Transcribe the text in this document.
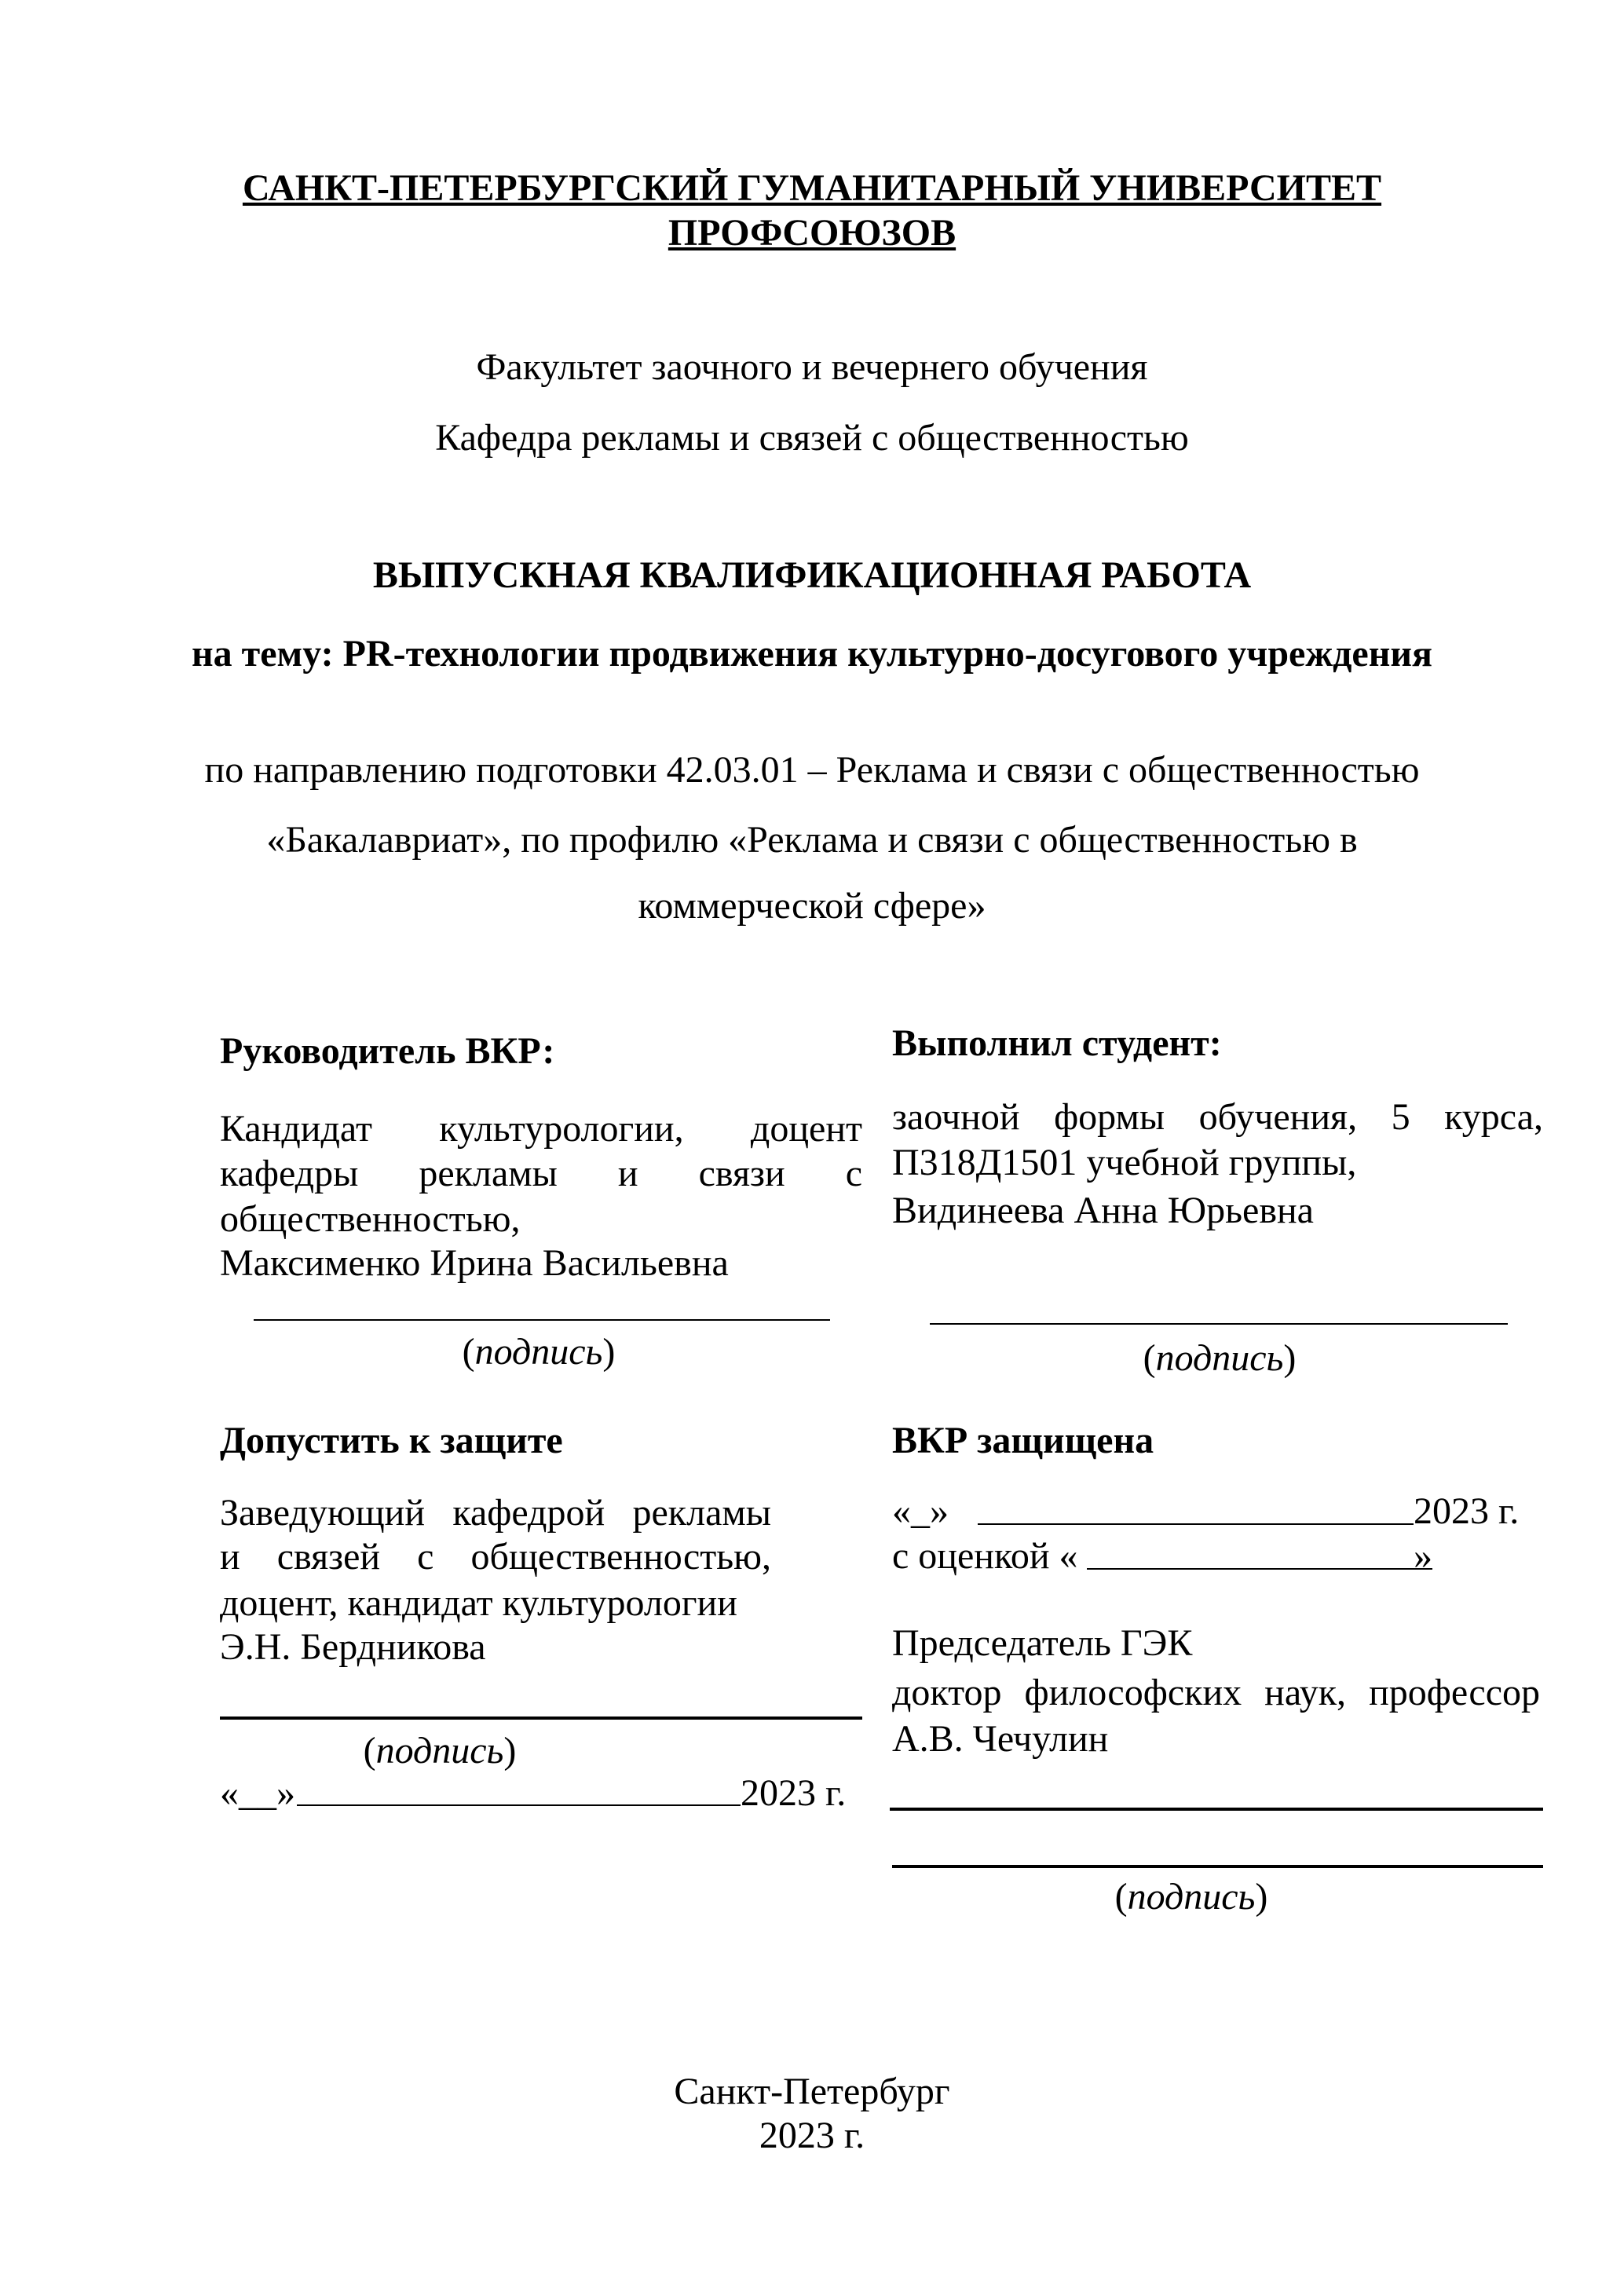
САНКТ-ПЕТЕРБУРГСКИЙ ГУМАНИТАРНЫЙ УНИВЕРСИТЕТ
ПРОФСОЮЗОВ
Факультет заочного и вечернего обучения
Кафедра рекламы и связей с общественностью
ВЫПУСКНАЯ КВАЛИФИКАЦИОННАЯ РАБОТА
на тему: PR-технологии продвижения культурно-досугового учреждения
по направлению подготовки 42.03.01 – Реклама и связи с общественностью
«Бакалавриат», по профилю «Реклама и связи с общественностью в
коммерческой сфере»
Руководитель ВКР:
Кандидат культурологии, доцент
кафедры рекламы и связи с
общественностью,
Максименко Ирина Васильевна
(подпись)
Выполнил студент:
заочной формы обучения, 5 курса,
П318Д1501 учебной группы,
Видинеева Анна Юрьевна
(подпись)
Допустить к защите
Заведующий кафедрой рекламы
и связей с общественностью,
доцент, кандидат культурологии
Э.Н. Бердникова
(подпись)
«__»	2023 г.
ВКР защищена
«_»	2023 г.
с оценкой «	»
Председатель ГЭК
доктор философских наук, профессор
А.В. Чечулин
(подпись)
Санкт-Петербург
2023 г.
